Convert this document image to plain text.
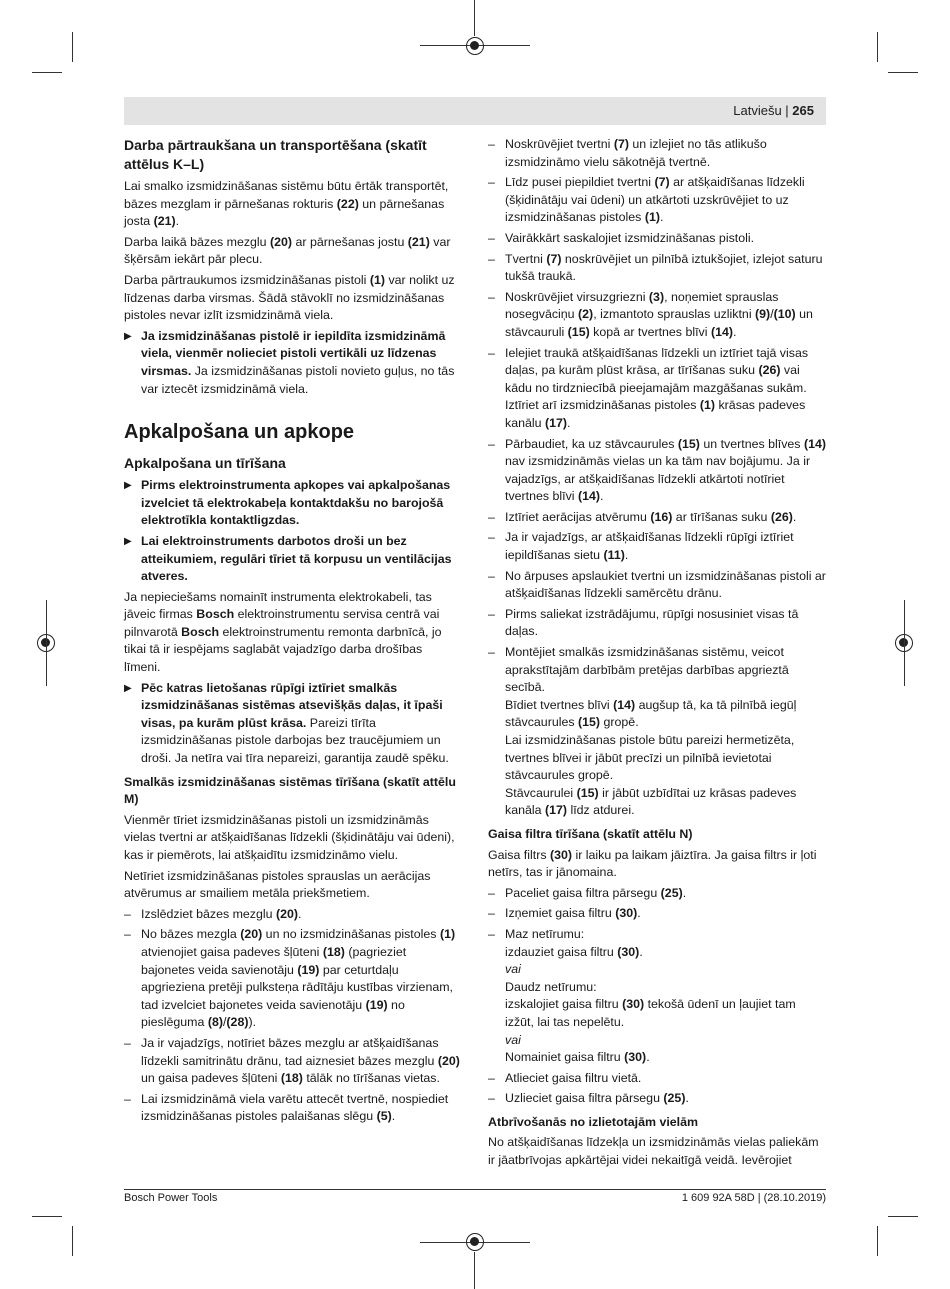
Latviešu | 265
Darba pārtraukšana un transportēšana (skatīt attēlus K–L)

Lai smalko izsmidzināšanas sistēmu būtu ērtāk transportēt, bāzes mezglam ir pārnešanas rokturis (22) un pārnešanas josta (21).

Darba laikā bāzes mezglu (20) ar pārnešanas jostu (21) var šķērsām iekārt pār plecu.

Darba pārtraukumos izsmidzināšanas pistoli (1) var nolikt uz līdzenas darba virsmas. Šādā stāvoklī no izsmidzināšanas pistoles nevar izlīt izsmidzināmā viela.

▶ Ja izsmidzināšanas pistolē ir iepildīta izsmidzināmā viela, vienmēr nolieciet pistoli vertikāli uz līdzenas virsmas. Ja izsmidzināšanas pistoli novieto guļus, no tās var iztecēt izsmidzināmā viela.

Apkalpošana un apkope
Apkalpošana un tīrīšana

▶ Pirms elektroinstrumenta apkopes vai apkalpošanas izvelciet tā elektrokabeļa kontaktdakšu no barojošā elektrotīkla kontaktligzdas.

▶ Lai elektroinstruments darbotos droši un bez atteikumiem, regulāri tīriet tā korpusu un ventilācijas atveres.

Ja nepieciešams nomainīt instrumenta elektrokabeli, tas jāveic firmas Bosch elektroinstrumentu servisa centrā vai pilnvarotā Bosch elektroinstrumentu remonta darbnīcā, jo tikai tā ir iespējams saglabāt vajadzīgo darba drošības līmeni.

▶ Pēc katras lietošanas rūpīgi iztīriet smalkās izsmidzināšanas sistēmas atsevišķās daļas, it īpaši visas, pa kurām plūst krāsa. Pareizi tīrīta izsmidzināšanas pistole darbojas bez traucējumiem un droši. Ja netīra vai tīra nepareizi, garantija zaudē spēku.

Smalkās izsmidzināšanas sistēmas tīrīšana (skatīt attēlu M)

Vienmēr tīriet izsmidzināšanas pistoli un izsmidzināmās vielas tvertni ar atšķaidīšanas līdzekli (šķidinātāju vai ūdeni), kas ir piemērots, lai atšķaidītu izsmidzināmo vielu.

Netīriet izsmidzināšanas pistoles sprauslas un aerācijas atvērumus ar smailiem metāla priekšmetiem.

– Izslēdziet bāzes mezglu (20).

– No bāzes mezgla (20) un no izsmidzināšanas pistoles (1) atvienojiet gaisa padeves šļūteni (18) (pagrieziet bajonetes veida savienotāju (19) par ceturtdaļu apgrieziena pretēji pulksteņa rādītāju kustības virzienam, tad izvelciet bajonetes veida savienotāju (19) no pieslēguma (8)/(28)).

– Ja ir vajadzīgs, notīriet bāzes mezglu ar atšķaidīšanas līdzekli samitrinātu drānu, tad aiznesiet bāzes mezglu (20) un gaisa padeves šļūteni (18) tālāk no tīrīšanas vietas.

– Lai izsmidzināmā viela varētu attecēt tvertnē, nospiediet izsmidzināšanas pistoles palaišanas slēgu (5).

– Noskrūvējiet tvertni (7) un izlejiet no tās atlikušo izsmidzināmo vielu sākotnējā tvertnē.

– Līdz pusei piepildiet tvertni (7) ar atšķaidīšanas līdzekli (šķidinātāju vai ūdeni) un atkārtoti uzskrūvējiet to uz izsmidzināšanas pistoles (1).

– Vairākkārt saskalojiet izsmidzināšanas pistoli.

– Tvertni (7) noskrūvējiet un pilnībā iztukšojiet, izlejot saturu tukšā traukā.

– Noskrūvējiet virsuzgriezni (3), noņemiet sprauslas nosegvāciņu (2), izmantoto sprauslas uzliktni (9)/(10) un stāvcauruli (15) kopā ar tvertnes blīvi (14).

– Ielejiet traukā atšķaidīšanas līdzekli un iztīriet tajā visas daļas, pa kurām plūst krāsa, ar tīrīšanas suku (26) vai kādu no tirdzniecībā pieejamajām mazgāšanas sukām. Iztīriet arī izsmidzināšanas pistoles (1) krāsas padeves kanālu (17).

– Pārbaudiet, ka uz stāvcaurules (15) un tvertnes blīves (14) nav izsmidzināmās vielas un ka tām nav bojājumu. Ja ir vajadzīgs, ar atšķaidīšanas līdzekli atkārtoti notīriet tvertnes blīvi (14).

– Iztīriet aerācijas atvērumu (16) ar tīrīšanas suku (26).

– Ja ir vajadzīgs, ar atšķaidīšanas līdzekli rūpīgi iztīriet iepildīšanas sietu (11).

– No ārpuses apslaukiet tvertni un izsmidzināšanas pistoli ar atšķaidīšanas līdzekli samērcētu drānu.

– Pirms saliekat izstrādājumu, rūpīgi nosusiniet visas tā daļas.

– Montējiet smalkās izsmidzināšanas sistēmu, veicot aprakstītajām darbībām pretējas darbības apgrieztā secībā.
Bīdiet tvertnes blīvi (14) augšup tā, ka tā pilnībā iegūļ stāvcaurules (15) gropē.
Lai izsmidzināšanas pistole būtu pareizi hermetizēta, tvertnes blīvei ir jābūt precīzi un pilnībā ievietotai stāvcaurules gropē.
Stāvcaurulei (15) ir jābūt uzbīdītai uz krāsas padeves kanāla (17) līdz atdurei.

Gaisa filtra tīrīšana (skatīt attēlu N)

Gaisa filtrs (30) ir laiku pa laikam jāiztīra. Ja gaisa filtrs ir ļoti netīrs, tas ir jānomaina.

– Paceliet gaisa filtra pārsegu (25).

– Izņemiet gaisa filtru (30).

– Maz netīrumu:
izdauziet gaisa filtru (30).
vai
Daudz netīrumu:
izskalojiet gaisa filtru (30) tekošā ūdenī un ļaujiet tam izžūt, lai tas nepelētu.
vai
Nomainiet gaisa filtru (30).

– Atlieciet gaisa filtru vietā.

– Uzlieciet gaisa filtra pārsegu (25).

Atbrīvošanās no izlietotajām vielām

No atšķaidīšanas līdzekļa un izsmidzināmās vielas paliekām ir jāatbrīvojas apkārtējai videi nekaitīgā veidā. Ievērojiet

Bosch Power Tools	1 609 92A 58D | (28.10.2019)
